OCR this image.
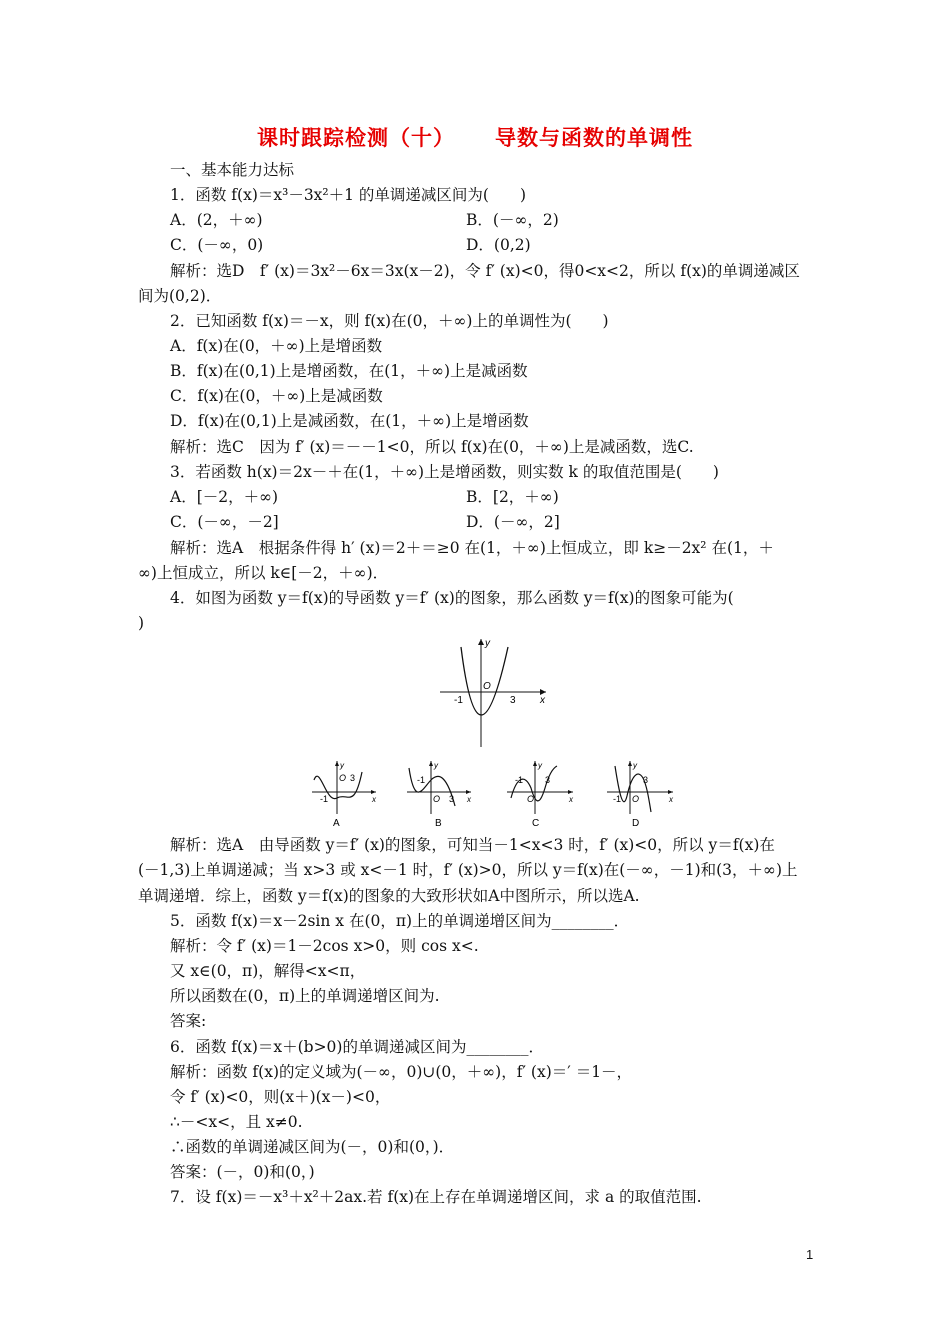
课时跟踪检测（十） 导数与函数的单调性
一、基本能力达标
1．函数 f(x)＝x³－3x²＋1 的单调递减区间为(　　)
A．(2，＋∞)	B．(－∞，2)
C．(－∞，0)	D．(0,2)
解析：选D　f′ (x)＝3x²－6x＝3x(x－2)，令 f′ (x)<0，得0<x<2，所以 f(x)的单调递减区
间为(0,2)．
2．已知函数 f(x)＝－x，则 f(x)在(0，＋∞)上的单调性为(　　)
A．f(x)在(0，＋∞)上是增函数
B．f(x)在(0,1)上是增函数，在(1，＋∞)上是减函数
C．f(x)在(0，＋∞)上是减函数
D．f(x)在(0,1)上是减函数，在(1，＋∞)上是增函数
解析：选C　因为 f′ (x)＝－－1<0，所以 f(x)在(0，＋∞)上是减函数，选C.
3．若函数 h(x)＝2x－＋在(1，＋∞)上是增函数，则实数 k 的取值范围是(　　)
A．[－2，＋∞)	B．[2，＋∞)
C．(－∞，－2]	D．(－∞，2]
解析：选A　根据条件得 h′ (x)＝2＋＝≥0 在(1，＋∞)上恒成立，即 k≥－2x² 在(1，＋
∞)上恒成立，所以 k∈[－2，＋∞)．
4．如图为函数 y＝f(x)的导函数 y＝f′ (x)的图象，那么函数 y＝f(x)的图象可能为(
)
y
x
O
-1	3
-1
O 3
x
y
A
-1
O 3 x
y
B
-1
O
3
x
y
C
-1 O
3
x
y
D
解析：选A　由导函数 y＝f′ (x)的图象，可知当－1<x<3 时，f′ (x)<0，所以 y＝f(x)在
(－1,3)上单调递减；当 x>3 或 x<－1 时，f′ (x)>0，所以 y＝f(x)在(－∞，－1)和(3，＋∞)上
单调递增．综上，函数 y＝f(x)的图象的大致形状如A中图所示，所以选A.
5．函数 f(x)＝x－2sin x 在(0，π)上的单调递增区间为________．
解析：令 f′ (x)＝1－2cos x>0，则 cos x<.
又 x∈(0，π)，解得<x<π，
所以函数在(0，π)上的单调递增区间为.
答案:
6．函数 f(x)＝x＋(b>0)的单调递减区间为________．
解析：函数 f(x)的定义域为(－∞，0)∪(0，＋∞)，f′ (x)＝′ ＝1－，
令 f′ (x)<0，则(x＋)(x－)<0，
∴－<x<，且 x≠0.
∴函数的单调递减区间为(－，0)和(0，)．
答案：(－，0)和(0，)
7．设 f(x)＝－x³＋x²＋2ax.若 f(x)在上存在单调递增区间，求 a 的取值范围.
1
